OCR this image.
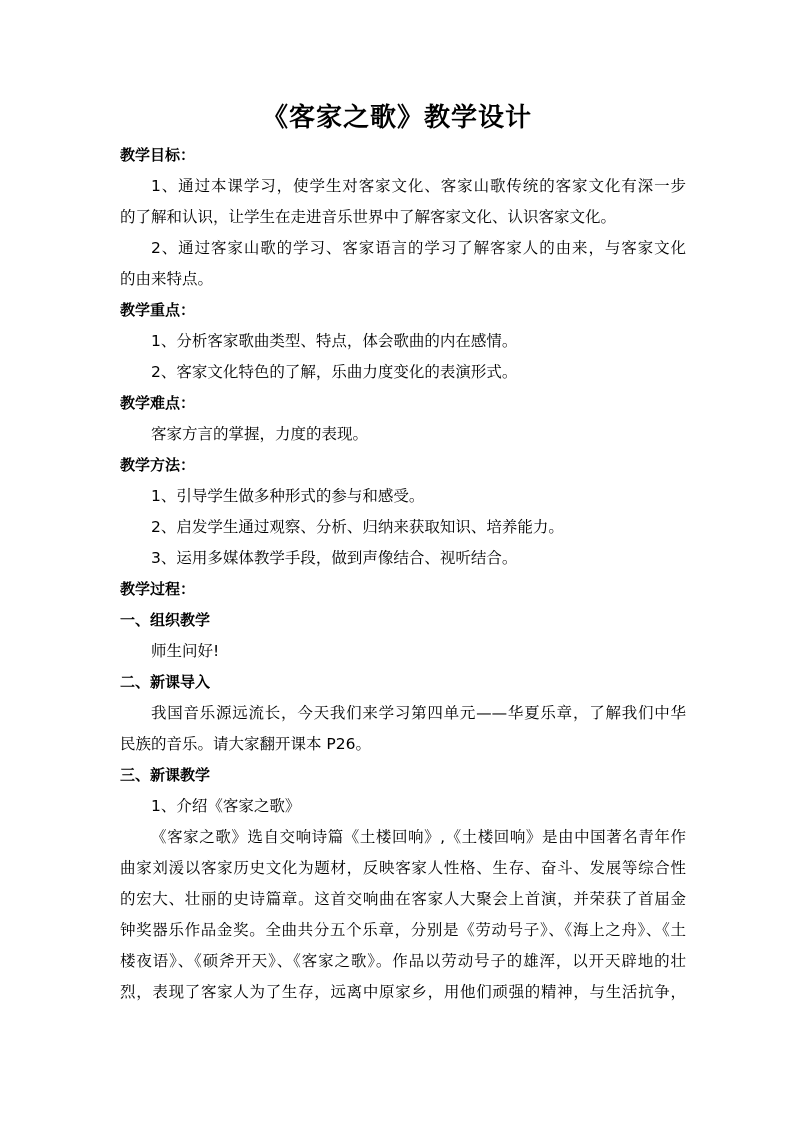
《客家之歌》教学设计
教学目标：
1、通过本课学习，使学生对客家文化、客家山歌传统的客家文化有深一步
的了解和认识，让学生在走进音乐世界中了解客家文化、认识客家文化。
2、通过客家山歌的学习、客家语言的学习了解客家人的由来，与客家文化
的由来特点。
教学重点：
1、分析客家歌曲类型、特点，体会歌曲的内在感情。
2、客家文化特色的了解，乐曲力度变化的表演形式。
教学难点：
客家方言的掌握，力度的表现。
教学方法：
1、引导学生做多种形式的参与和感受。
2、启发学生通过观察、分析、归纳来获取知识、培养能力。
3、运用多媒体教学手段，做到声像结合、视听结合。
教学过程：
一、组织教学
师生问好!
二、新课导入
我国音乐源远流长，今天我们来学习第四单元——华夏乐章，了解我们中华
民族的音乐。请大家翻开课本 P26。
三、新课教学
1、介绍《客家之歌》
《客家之歌》选自交响诗篇《土楼回响》,《土楼回响》是由中国著名青年作
曲家刘湲以客家历史文化为题材，反映客家人性格、生存、奋斗、发展等综合性
的宏大、壮丽的史诗篇章。这首交响曲在客家人大聚会上首演，并荣获了首届金
钟奖器乐作品金奖。全曲共分五个乐章，分别是《劳动号子》、《海上之舟》、《土
楼夜语》、《硕斧开天》、《客家之歌》。作品以劳动号子的雄浑，以开天辟地的壮
烈，表现了客家人为了生存，远离中原家乡，用他们顽强的精神，与生活抗争，
